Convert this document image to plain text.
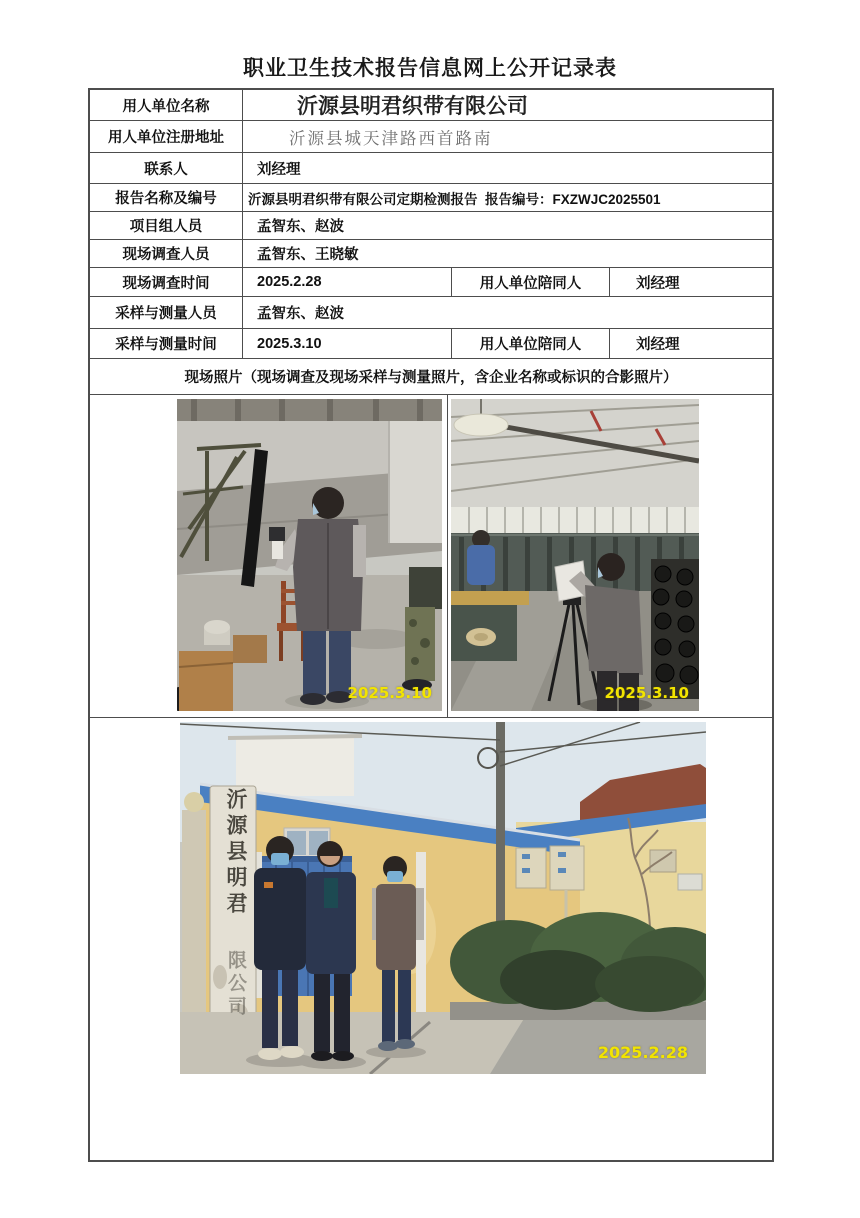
职业卫生技术报告信息网上公开记录表
用人单位名称	沂源县明君织带有限公司
用人单位注册地址	沂源县城天津路西首路南
联系人	刘经理
报告名称及编号	沂源县明君织带有限公司定期检测报告  报告编号：FXZWJC2025501
项目组人员	孟智东、赵波
现场调查人员	孟智东、王晓敏
现场调查时间	2025.2.28	用人单位陪同人	刘经理
采样与测量人员	孟智东、赵波
采样与测量时间	2025.3.10	用人单位陪同人	刘经理
现场照片（现场调查及现场采样与测量照片，含企业名称或标识的合影照片）
2025.3.10	2025.3.10
沂源县明君
限公司
2025.2.28
